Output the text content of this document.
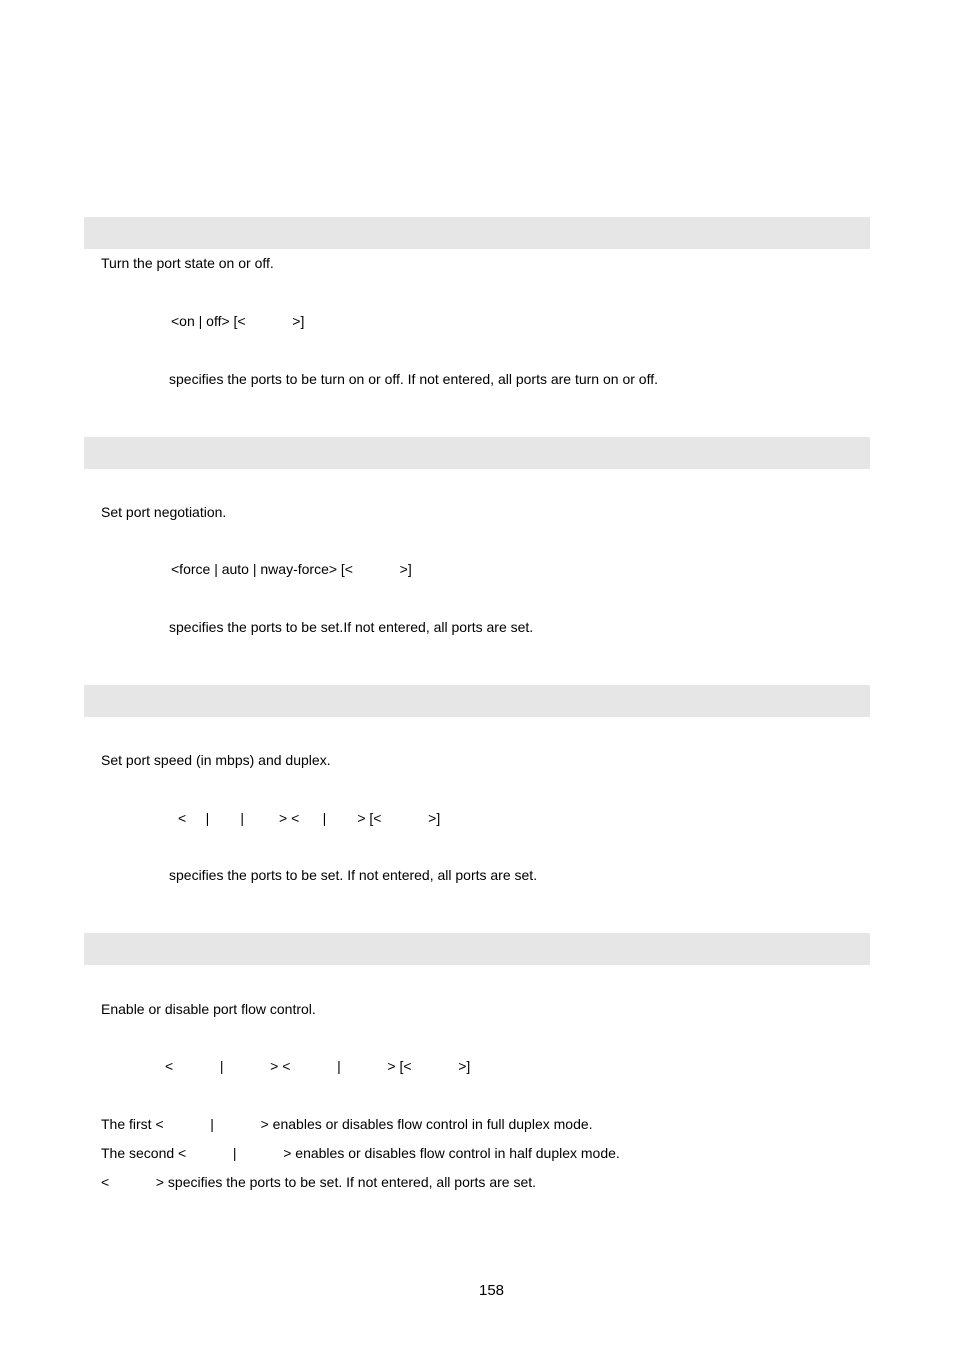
Turn the port state on or off.
<on | off> [<            >]
specifies the ports to be turn on or off. If not entered, all ports are turn on or off.
Set port negotiation.
<force | auto | nway-force> [<            >]
specifies the ports to be set.If not entered, all ports are set.
Set port speed (in mbps) and duplex.
<     |        |         > <      |        > [<            >]
specifies the ports to be set. If not entered, all ports are set.
Enable or disable port flow control.
<            |            > <            |            > [<            >]
The first <            |            > enables or disables flow control in full duplex mode.
The second <            |            > enables or disables flow control in half duplex mode.
<            > specifies the ports to be set. If not entered, all ports are set.
158
